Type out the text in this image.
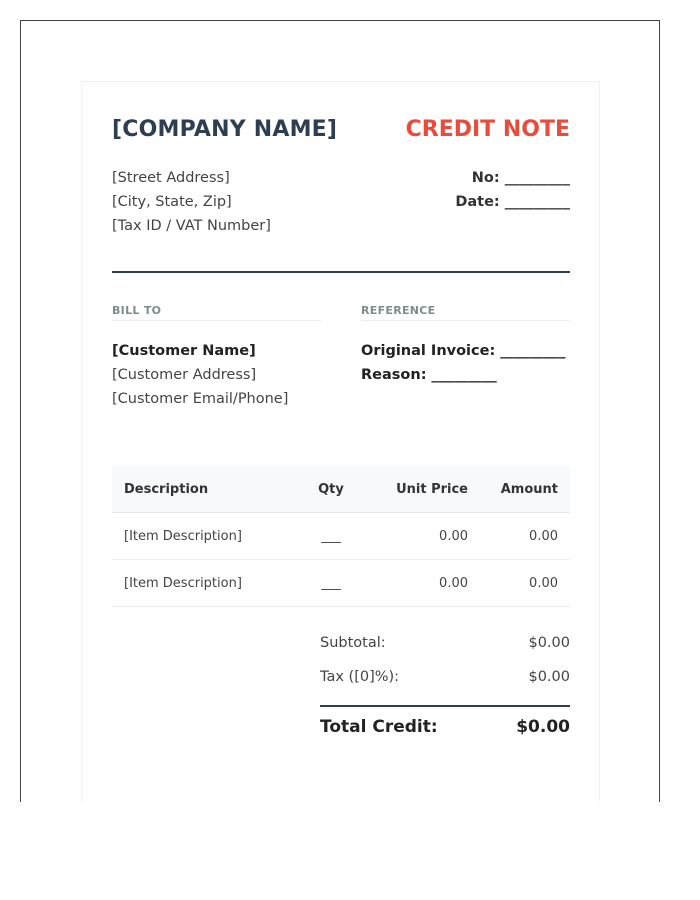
[COMPANY NAME]	CREDIT NOTE
[Street Address]
[City, State, Zip]
[Tax ID / VAT Number]
No: _________
Date: _________
BILL TO
[Customer Name]
[Customer Address]
[Customer Email/Phone]
REFERENCE
Original Invoice: _________
Reason: _________
Description	Qty	Unit Price	Amount
[Item Description]	___	0.00	0.00
[Item Description]	___	0.00	0.00
Subtotal:	$0.00
Tax ([0]%):	$0.00
Total Credit:	$0.00
